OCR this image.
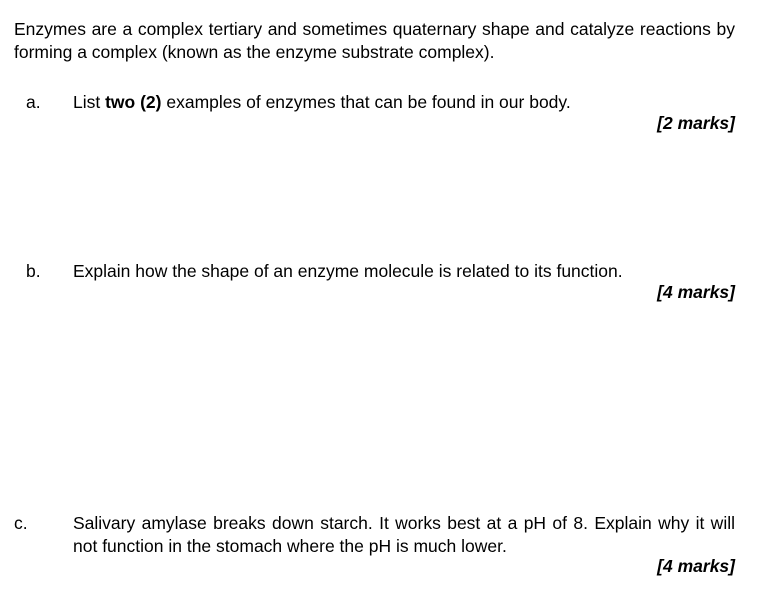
Enzymes are a complex tertiary and sometimes quaternary shape and catalyze reactions by forming a complex (known as the enzyme substrate complex).
a. List two (2) examples of enzymes that can be found in our body.
[2 marks]
b. Explain how the shape of an enzyme molecule is related to its function.
[4 marks]
c.	Salivary amylase breaks down starch. It works best at a pH of 8. Explain why it will not function in the stomach where the pH is much lower.
[4 marks]
